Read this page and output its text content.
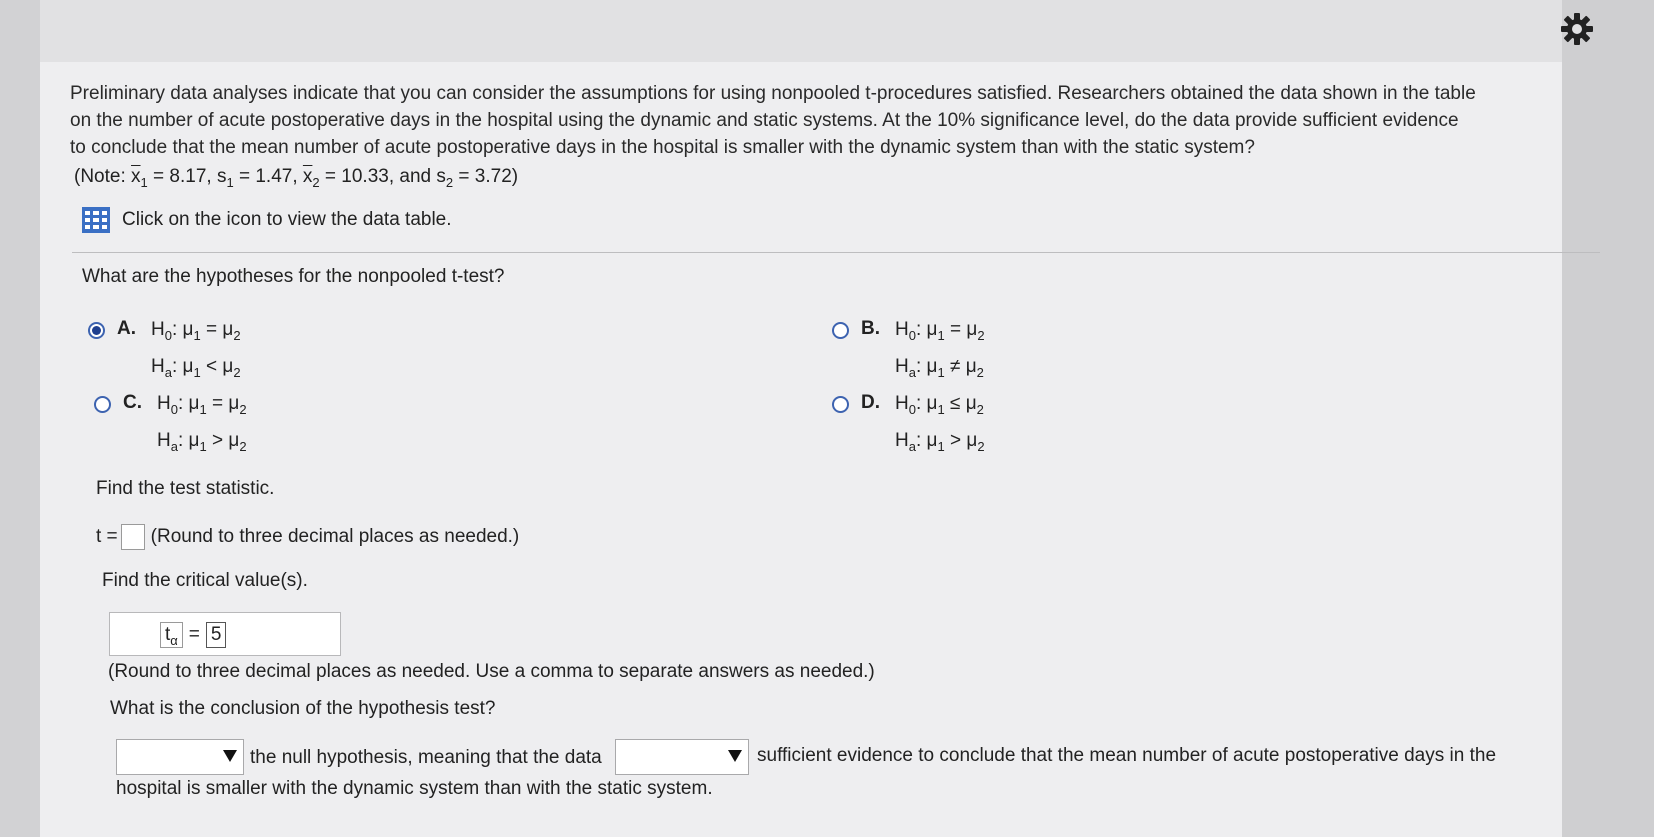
Preliminary data analyses indicate that you can consider the assumptions for using nonpooled t-procedures satisfied. Researchers obtained the data shown in the table
on the number of acute postoperative days in the hospital using the dynamic and static systems. At the 10% significance level, do the data provide sufficient evidence
to conclude that the mean number of acute postoperative days in the hospital is smaller with the dynamic system than with the static system?
(Note: $\overline{x}_1 = 8.17$, $s_1 = 1.47$, $\overline{x}_2 = 10.33$, and $s_2 = 3.72$)
Click on the icon to view the data table.
What are the hypotheses for the nonpooled t-test?
A. $H_0$: $\mu_1 = \mu_2$
$H_a$: $\mu_1 < \mu_2$
B. $H_0$: $\mu_1 = \mu_2$
$H_a$: $\mu_1 \ne \mu_2$
C. $H_0$: $\mu_1 = \mu_2$
$H_a$: $\mu_1 > \mu_2$
D. $H_0$: $\mu_1 \le \mu_2$
$H_a$: $\mu_1 > \mu_2$
Find the test statistic.
t = (Round to three decimal places as needed.)
Find the critical value(s).
$t_\alpha = 5$
(Round to three decimal places as needed. Use a comma to separate answers as needed.)
What is the conclusion of the hypothesis test?
the null hypothesis, meaning that the data	sufficient evidence to conclude that the mean number of acute postoperative days in the
hospital is smaller with the dynamic system than with the static system.
